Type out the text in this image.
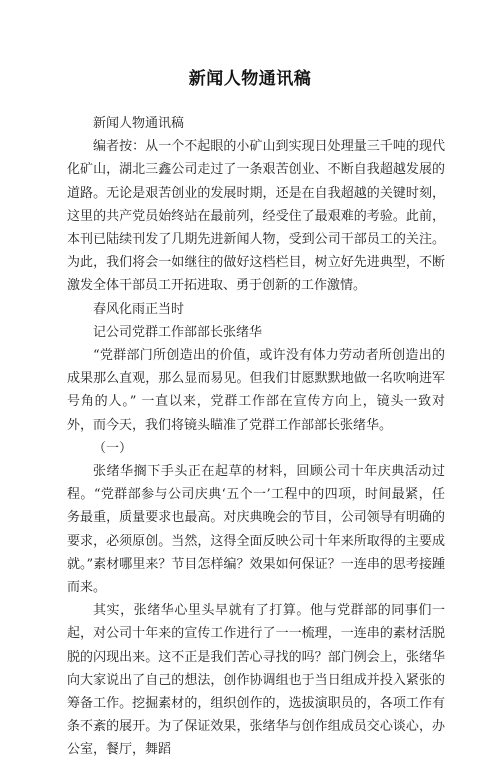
新闻人物通讯稿

新闻人物通讯稿

编者按：从一个不起眼的小矿山到实现日处理量三千吨的现代化矿山，湖北三鑫公司走过了一条艰苦创业、不断自我超越发展的道路。无论是艰苦创业的发展时期，还是在自我超越的关键时刻，这里的共产党员始终站在最前列，经受住了最艰难的考验。此前，本刊已陆续刊发了几期先进新闻人物，受到公司干部员工的关注。为此，我们将会一如继往的做好这档栏目，树立好先进典型，不断激发全体干部员工开拓进取、勇于创新的工作激情。

春风化雨正当时

记公司党群工作部部长张绪华

“党群部门所创造出的价值，或许没有体力劳动者所创造出的成果那么直观，那么显而易见。但我们甘愿默默地做一名吹响进军号角的人。” 一直以来，党群工作部在宣传方向上，镜头一致对外，而今天，我们将镜头瞄准了党群工作部部长张绪华。

（一）

张绪华搁下手头正在起草的材料，回顾公司十年庆典活动过程。“党群部参与公司庆典‘五个一’工程中的四项，时间最紧，任务最重，质量要求也最高。对庆典晚会的节目，公司领导有明确的要求，必须原创。当然，这得全面反映公司十年来所取得的主要成就。”素材哪里来？节目怎样编？效果如何保证？一连串的思考接踵而来。

其实，张绪华心里头早就有了打算。他与党群部的同事们一起，对公司十年来的宣传工作进行了一一梳理，一连串的素材活脱脱的闪现出来。这不正是我们苦心寻找的吗？部门例会上，张绪华向大家说出了自己的想法，创作协调组也于当日组成并投入紧张的筹备工作。挖掘素材的，组织创作的，选拔演职员的，各项工作有条不紊的展开。为了保证效果，张绪华与创作组成员交心谈心，办公室，餐厅，舞蹈
